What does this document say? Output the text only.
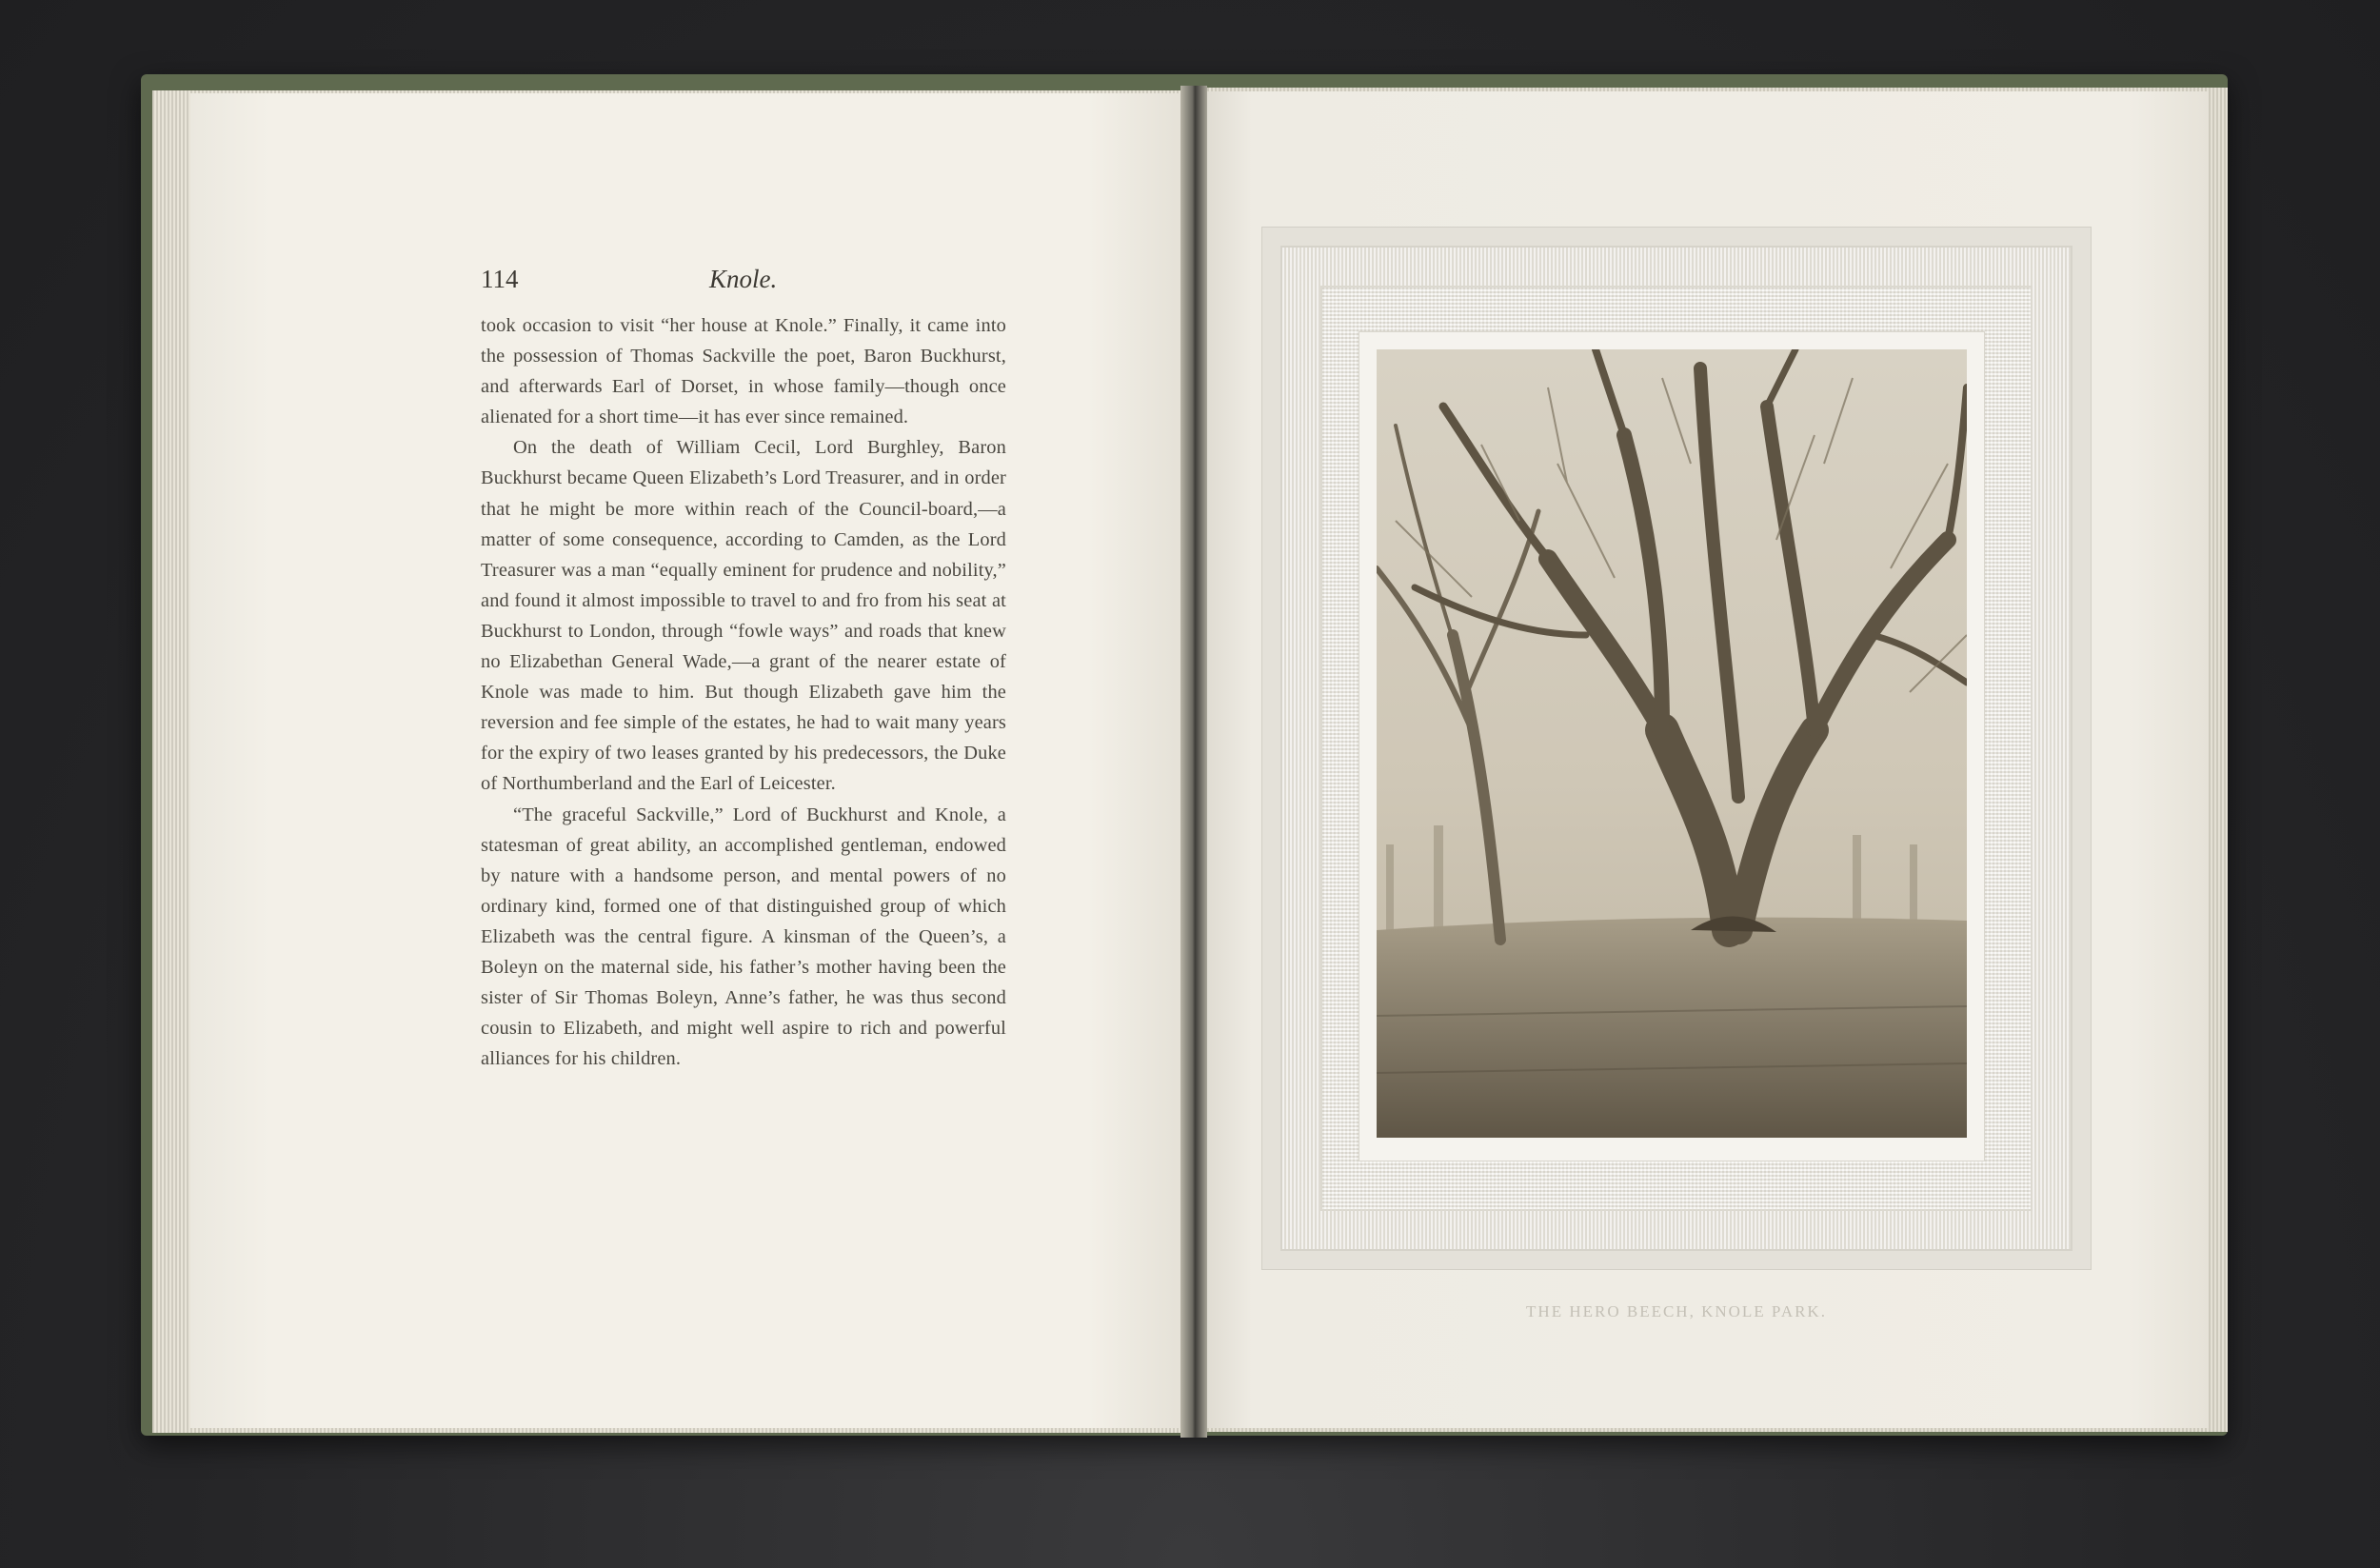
114	Knole.

took occasion to visit “her house at Knole.” Finally, it came into the possession of Thomas Sackville the poet, Baron Buckhurst, and afterwards Earl of Dorset, in whose family—though once alienated for a short time—it has ever since remained.

On the death of William Cecil, Lord Burghley, Baron Buckhurst became Queen Elizabeth’s Lord Treasurer, and in order that he might be more within reach of the Council-board,—a matter of some consequence, according to Camden, as the Lord Treasurer was a man “equally eminent for prudence and nobility,” and found it almost impossible to travel to and fro from his seat at Buckhurst to London, through “fowle ways” and roads that knew no Elizabethan General Wade,—a grant of the nearer estate of Knole was made to him. But though Elizabeth gave him the reversion and fee simple of the estates, he had to wait many years for the expiry of two leases granted by his predecessors, the Duke of Northumberland and the Earl of Leicester.

“The graceful Sackville,” Lord of Buckhurst and Knole, a statesman of great ability, an accomplished gentleman, endowed by nature with a handsome person, and mental powers of no ordinary kind, formed one of that distinguished group of which Elizabeth was the central figure. A kinsman of the Queen’s, a Boleyn on the maternal side, his father’s mother having been the sister of Sir Thomas Boleyn, Anne’s father, he was thus second cousin to Elizabeth, and might well aspire to rich and powerful alliances for his children.

THE HERO BEECH, KNOLE PARK.
